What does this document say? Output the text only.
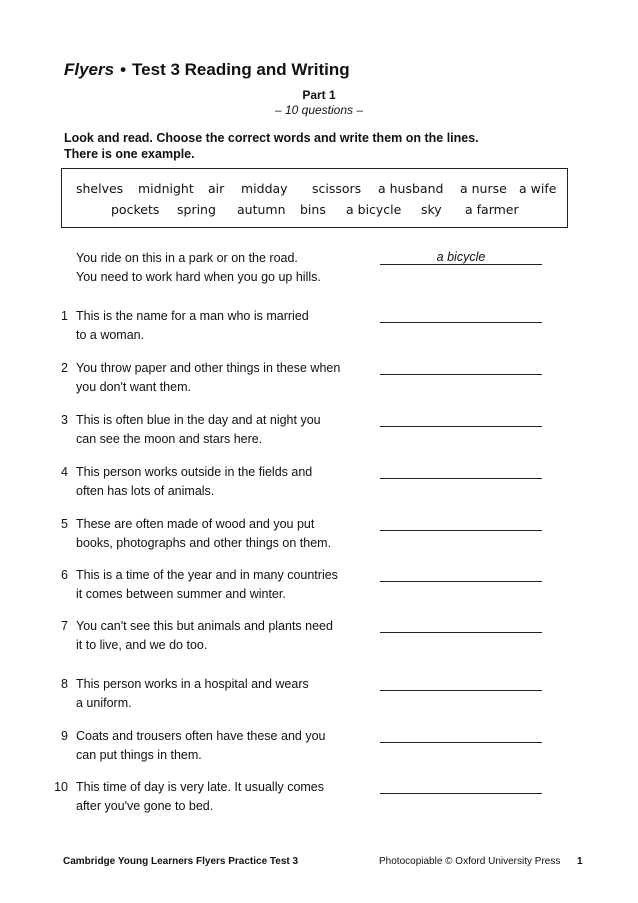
Flyers • Test 3 Reading and Writing
Part 1
– 10 questions –
Look and read. Choose the correct words and write them on the lines.
There is one example.
shelves midnight air midday scissors a husband a nurse a wife
pockets spring autumn bins a bicycle sky a farmer
You ride on this in a park or on the road.
You need to work hard when you go up hills.
a bicycle
1 This is the name for a man who is married
to a woman.
2 You throw paper and other things in these when
you don't want them.
3 This is often blue in the day and at night you
can see the moon and stars here.
4 This person works outside in the fields and
often has lots of animals.
5 These are often made of wood and you put
books, photographs and other things on them.
6 This is a time of the year and in many countries
it comes between summer and winter.
7 You can't see this but animals and plants need
it to live, and we do too.
8 This person works in a hospital and wears
a uniform.
9 Coats and trousers often have these and you
can put things in them.
10 This time of day is very late. It usually comes
after you've gone to bed.
Cambridge Young Learners Flyers Practice Test 3	Photocopiable © Oxford University Press 1
